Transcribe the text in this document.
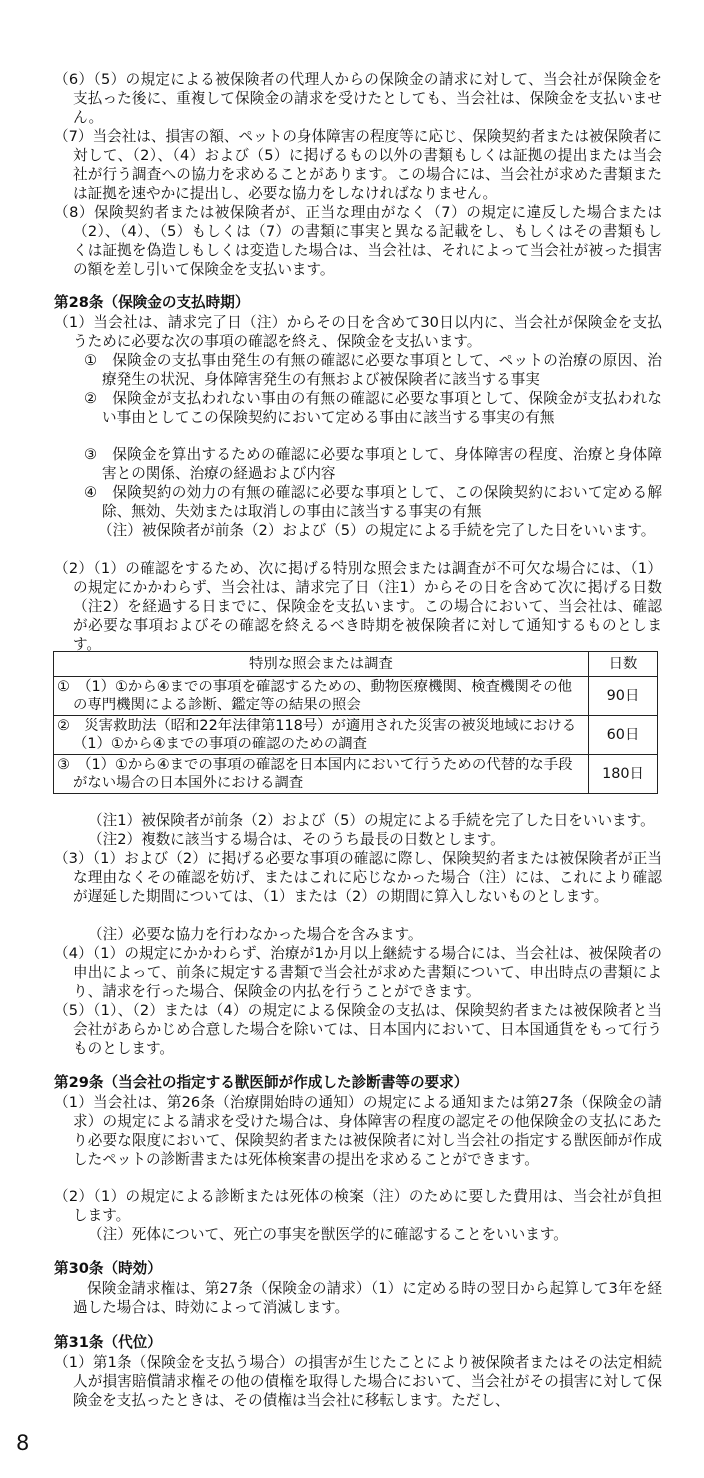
（6）（5）の規定による被保険者の代理人からの保険金の請求に対して、当会社が保険金を支払った後に、重複して保険金の請求を受けたとしても、当会社は、保険金を支払いません。

（7）当会社は、損害の額、ペットの身体障害の程度等に応じ、保険契約者または被保険者に対して、（2）、（4）および（5）に掲げるもの以外の書類もしくは証拠の提出または当会社が行う調査への協力を求めることがあります。この場合には、当会社が求めた書類または証拠を速やかに提出し、必要な協力をしなければなりません。

（8）保険契約者または被保険者が、正当な理由がなく（7）の規定に違反した場合または（2）、（4）、（5）もしくは（7）の書類に事実と異なる記載をし、もしくはその書類もしくは証拠を偽造しもしくは変造した場合は、当会社は、それによって当会社が被った損害の額を差し引いて保険金を支払います。

第28条（保険金の支払時期）

（1）当会社は、請求完了日（注）からその日を含めて30日以内に、当会社が保険金を支払うために必要な次の事項の確認を終え、保険金を支払います。

①　保険金の支払事由発生の有無の確認に必要な事項として、ペットの治療の原因、治療発生の状況、身体障害発生の有無および被保険者に該当する事実

②　保険金が支払われない事由の有無の確認に必要な事項として、保険金が支払われない事由としてこの保険契約において定める事由に該当する事実の有無

③　保険金を算出するための確認に必要な事項として、身体障害の程度、治療と身体障害との関係、治療の経過および内容

④　保険契約の効力の有無の確認に必要な事項として、この保険契約において定める解除、無効、失効または取消しの事由に該当する事実の有無

（注）被保険者が前条（2）および（5）の規定による手続を完了した日をいいます。

（2）（1）の確認をするため、次に掲げる特別な照会または調査が不可欠な場合には、（1）の規定にかかわらず、当会社は、請求完了日（注1）からその日を含めて次に掲げる日数（注2）を経過する日までに、保険金を支払います。この場合において、当会社は、確認が必要な事項およびその確認を終えるべき時期を被保険者に対して通知するものとします。

特別な照会または調査	日数
①　（1）①から④までの事項を確認するための、動物医療機関、検査機関その他の専門機関による診断、鑑定等の結果の照会	90日
②　災害救助法（昭和22年法律第118号）が適用された災害の被災地域における（1）①から④までの事項の確認のための調査	60日
③　（1）①から④までの事項の確認を日本国内において行うための代替的な手段がない場合の日本国外における調査	180日

（注1）被保険者が前条（2）および（5）の規定による手続を完了した日をいいます。

（注2）複数に該当する場合は、そのうち最長の日数とします。

（3）（1）および（2）に掲げる必要な事項の確認に際し、保険契約者または被保険者が正当な理由なくその確認を妨げ、またはこれに応じなかった場合（注）には、これにより確認が遅延した期間については、（1）または（2）の期間に算入しないものとします。

（注）必要な協力を行わなかった場合を含みます。

（4）（1）の規定にかかわらず、治療が1か月以上継続する場合には、当会社は、被保険者の申出によって、前条に規定する書類で当会社が求めた書類について、申出時点の書類により、請求を行った場合、保険金の内払を行うことができます。

（5）（1）、（2）または（4）の規定による保険金の支払は、保険契約者または被保険者と当会社があらかじめ合意した場合を除いては、日本国内において、日本国通貨をもって行うものとします。

第29条（当会社の指定する獣医師が作成した診断書等の要求）

（1）当会社は、第26条（治療開始時の通知）の規定による通知または第27条（保険金の請求）の規定による請求を受けた場合は、身体障害の程度の認定その他保険金の支払にあたり必要な限度において、保険契約者または被保険者に対し当会社の指定する獣医師が作成したペットの診断書または死体検案書の提出を求めることができます。

（2）（1）の規定による診断または死体の検案（注）のために要した費用は、当会社が負担します。

（注）死体について、死亡の事実を獣医学的に確認することをいいます。

第30条（時効）

保険金請求権は、第27条（保険金の請求）（1）に定める時の翌日から起算して3年を経過した場合は、時効によって消滅します。

第31条（代位）

（1）第1条（保険金を支払う場合）の損害が生じたことにより被保険者またはその法定相続人が損害賠償請求権その他の債権を取得した場合において、当会社がその損害に対して保険金を支払ったときは、その債権は当会社に移転します。ただし、

8
